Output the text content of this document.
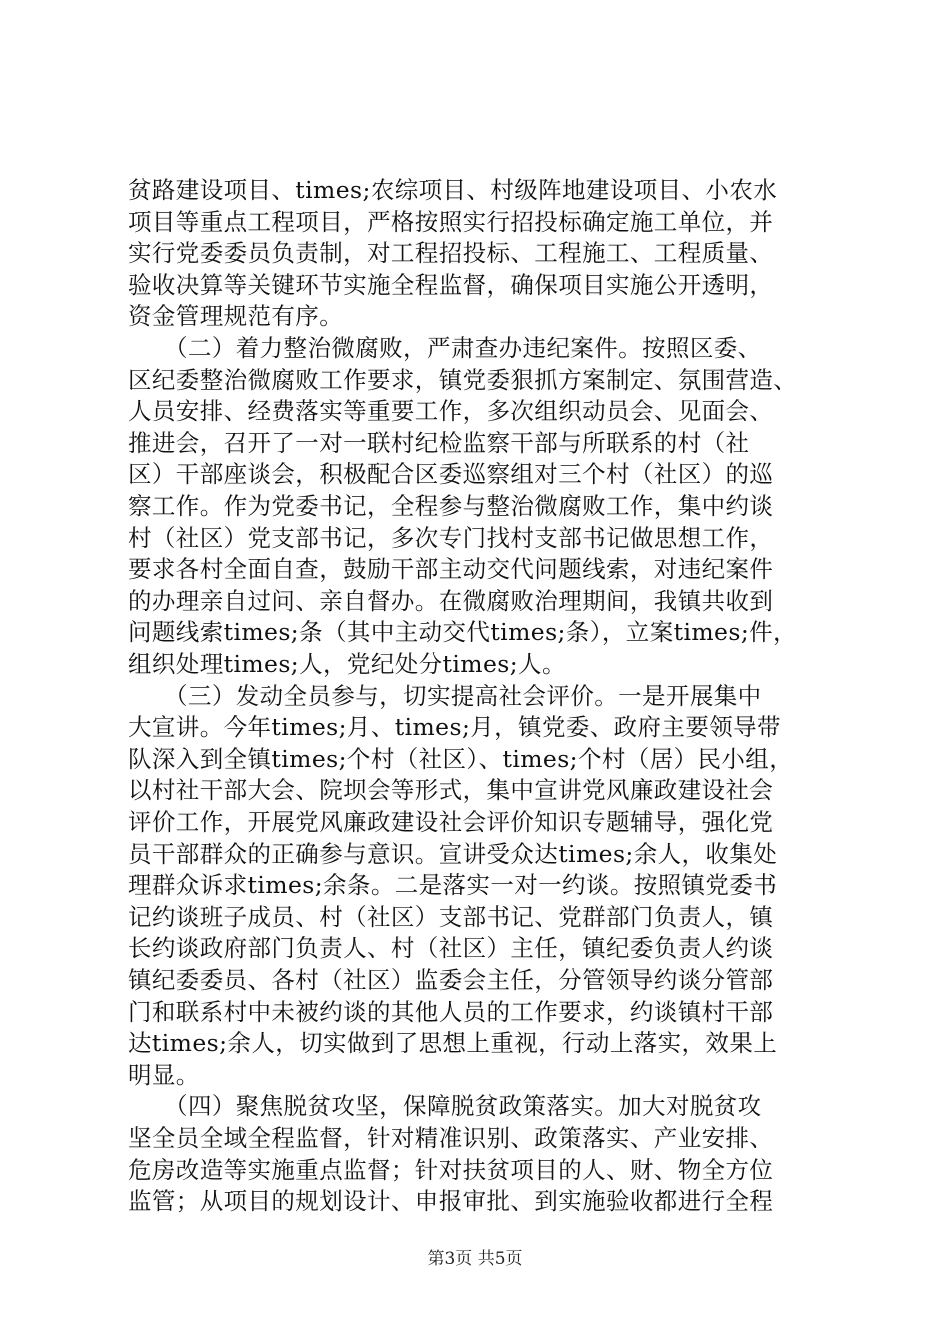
贫路建设项目、times;农综项目、村级阵地建设项目、小农水
项目等重点工程项目，严格按照实行招投标确定施工单位，并
实行党委委员负责制，对工程招投标、工程施工、工程质量、
验收决算等关键环节实施全程监督，确保项目实施公开透明，
资金管理规范有序。
　　（二）着力整治微腐败，严肃查办违纪案件。按照区委、
区纪委整治微腐败工作要求，镇党委狠抓方案制定、氛围营造、
人员安排、经费落实等重要工作，多次组织动员会、见面会、
推进会，召开了一对一联村纪检监察干部与所联系的村（社
区）干部座谈会，积极配合区委巡察组对三个村（社区）的巡
察工作。作为党委书记，全程参与整治微腐败工作，集中约谈
村（社区）党支部书记，多次专门找村支部书记做思想工作，
要求各村全面自查，鼓励干部主动交代问题线索，对违纪案件
的办理亲自过问、亲自督办。在微腐败治理期间，我镇共收到
问题线索times;条（其中主动交代times;条），立案times;件，
组织处理times;人，党纪处分times;人。
　　（三）发动全员参与，切实提高社会评价。一是开展集中
大宣讲。今年times;月、times;月，镇党委、政府主要领导带
队深入到全镇times;个村（社区）、times;个村（居）民小组，
以村社干部大会、院坝会等形式，集中宣讲党风廉政建设社会
评价工作，开展党风廉政建设社会评价知识专题辅导，强化党
员干部群众的正确参与意识。宣讲受众达times;余人，收集处
理群众诉求times;余条。二是落实一对一约谈。按照镇党委书
记约谈班子成员、村（社区）支部书记、党群部门负责人，镇
长约谈政府部门负责人、村（社区）主任，镇纪委负责人约谈
镇纪委委员、各村（社区）监委会主任，分管领导约谈分管部
门和联系村中未被约谈的其他人员的工作要求，约谈镇村干部
达times;余人，切实做到了思想上重视，行动上落实，效果上
明显。
　　（四）聚焦脱贫攻坚，保障脱贫政策落实。加大对脱贫攻
坚全员全域全程监督，针对精准识别、政策落实、产业安排、
危房改造等实施重点监督；针对扶贫项目的人、财、物全方位
监管；从项目的规划设计、申报审批、到实施验收都进行全程
第3页 共5页
